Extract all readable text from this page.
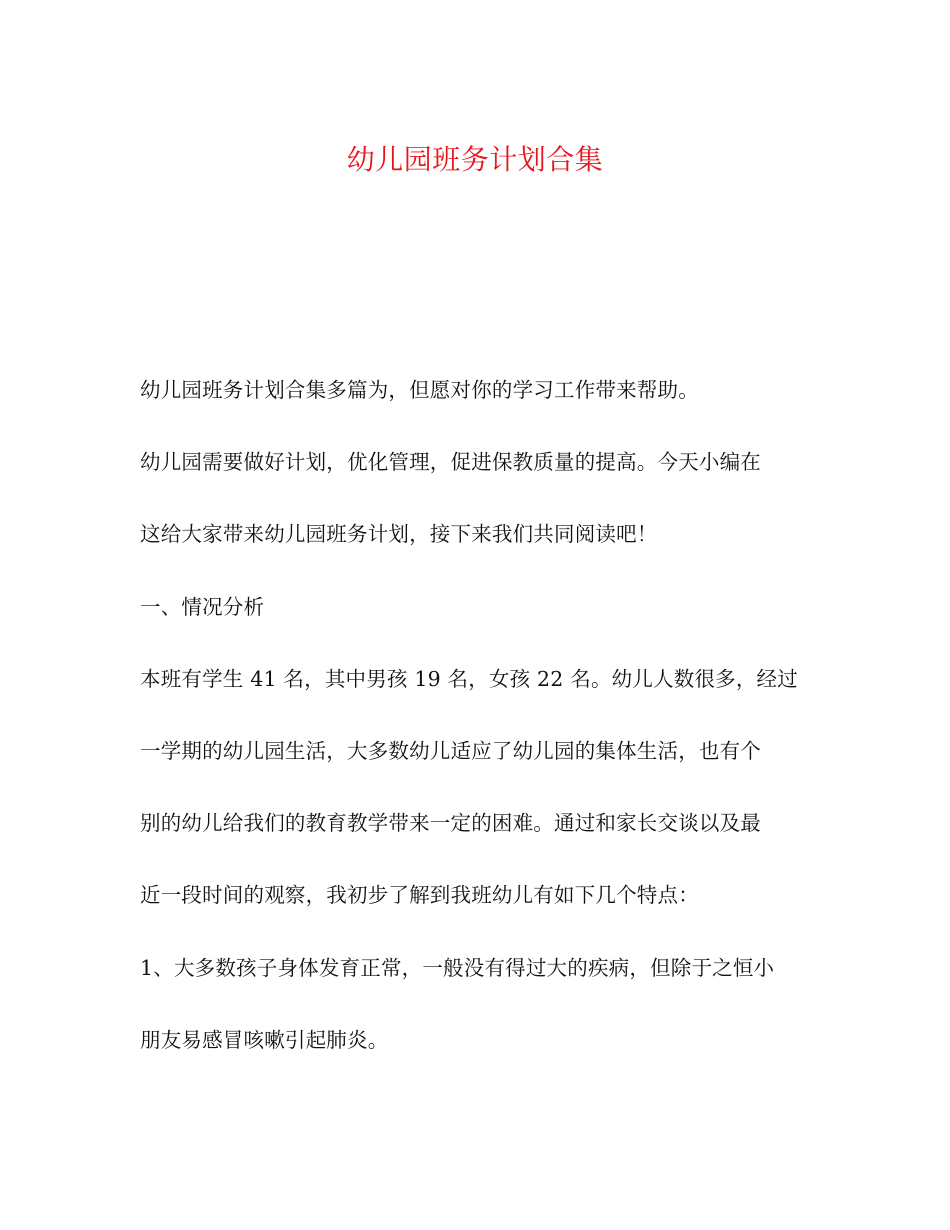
幼儿园班务计划合集
幼儿园班务计划合集多篇为，但愿对你的学习工作带来帮助。
幼儿园需要做好计划，优化管理，促进保教质量的提高。今天小编在
这给大家带来幼儿园班务计划，接下来我们共同阅读吧！
一、情况分析
本班有学生 41 名，其中男孩 19 名，女孩 22 名。幼儿人数很多，经过
一学期的幼儿园生活，大多数幼儿适应了幼儿园的集体生活，也有个
别的幼儿给我们的教育教学带来一定的困难。通过和家长交谈以及最
近一段时间的观察，我初步了解到我班幼儿有如下几个特点：
1、大多数孩子身体发育正常，一般没有得过大的疾病，但除于之恒小
朋友易感冒咳嗽引起肺炎。
